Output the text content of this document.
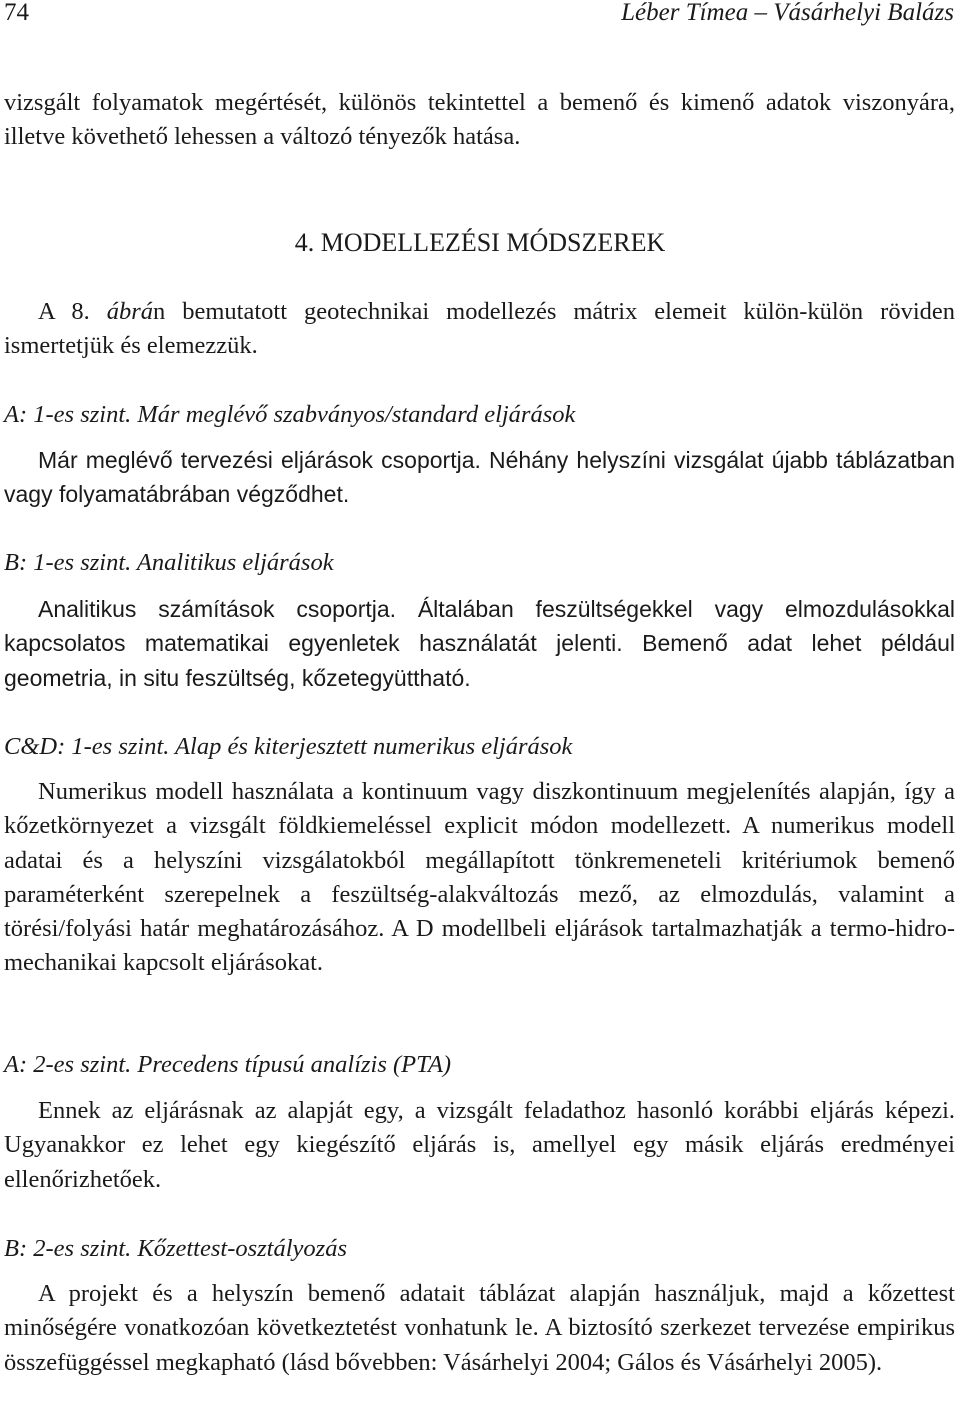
74	Léber Tímea – Vásárhelyi Balázs

vizsgált folyamatok megértését, különös tekintettel a bemenő és kimenő adatok viszonyára, illetve követhető lehessen a változó tényezők hatása.

4. MODELLEZÉSI MÓDSZEREK

A 8. ábrán bemutatott geotechnikai modellezés mátrix elemeit külön-külön röviden ismertetjük és elemezzük.

A: 1-es szint. Már meglévő szabványos/standard eljárások

Már meglévő tervezési eljárások csoportja. Néhány helyszíni vizsgálat újabb táblázatban vagy folyamatábrában végződhet.

B: 1-es szint. Analitikus eljárások

Analitikus számítások csoportja. Általában feszültségekkel vagy elmozdulásokkal kapcsolatos matematikai egyenletek használatát jelenti. Bemenő adat lehet például geometria, in situ feszültség, kőzetegyüttható.

C&D: 1-es szint. Alap és kiterjesztett numerikus eljárások

Numerikus modell használata a kontinuum vagy diszkontinuum megjelenítés alapján, így a kőzetkörnyezet a vizsgált földkiemeléssel explicit módon modellezett. A numerikus modell adatai és a helyszíni vizsgálatokból megállapított tönkremeneteli kritériumok bemenő paraméterként szerepelnek a feszültség-alakváltozás mező, az elmozdulás, valamint a törési/folyási határ meghatározásához. A D modellbeli eljárások tartalmazhatják a termo-hidro-mechanikai kapcsolt eljárásokat.

A: 2-es szint. Precedens típusú analízis (PTA)

Ennek az eljárásnak az alapját egy, a vizsgált feladathoz hasonló korábbi eljárás képezi. Ugyanakkor ez lehet egy kiegészítő eljárás is, amellyel egy másik eljárás eredményei ellenőrizhetőek.

B: 2-es szint. Kőzettest-osztályozás

A projekt és a helyszín bemenő adatait táblázat alapján használjuk, majd a kőzettest minőségére vonatkozóan következtetést vonhatunk le. A biztosító szerkezet tervezése empirikus összefüggéssel megkapható (lásd bővebben: Vásárhelyi 2004; Gálos és Vásárhelyi 2005).
